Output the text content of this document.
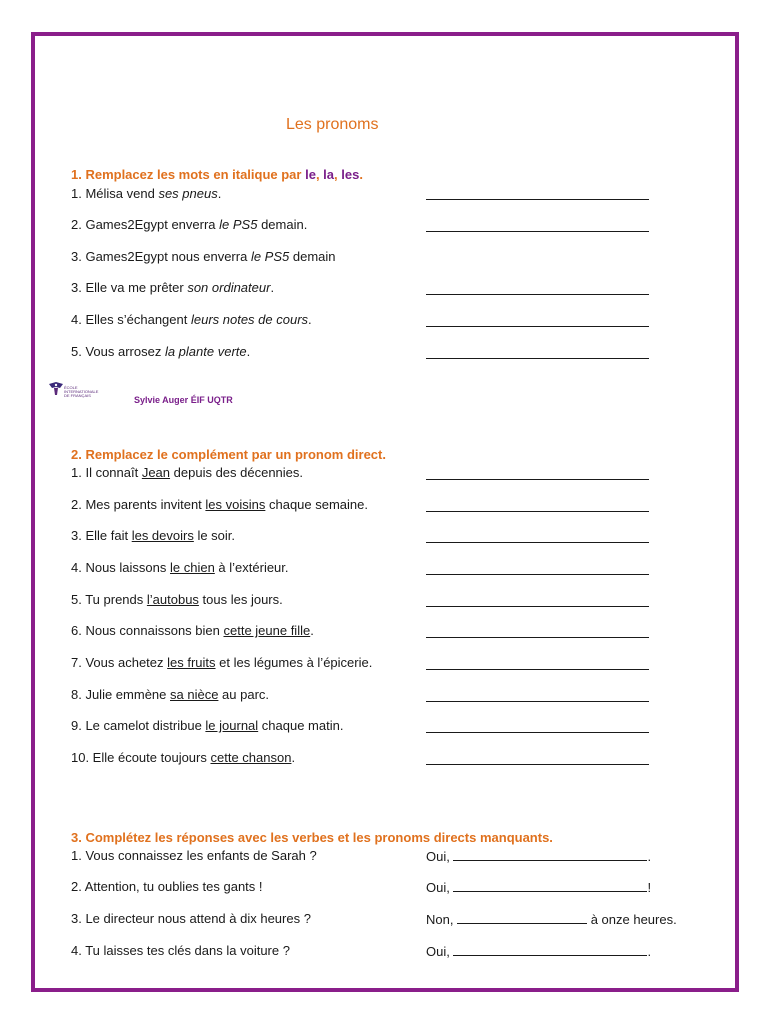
Les pronoms
1. Remplacez les mots en italique par le, la, les.
1. Mélisa vend ses pneus.
2. Games2Egypt enverra le PS5 demain.
3. Games2Egypt nous enverra le PS5 demain
3. Elle va me prêter son ordinateur.
4. Elles s’échangent leurs notes de cours.
5. Vous arrosez la plante verte.
ÉCOLE INTERNATIONALE DE FRANÇAIS	Sylvie Auger ÉIF UQTR
2. Remplacez le complément par un pronom direct.
1. Il connaît Jean depuis des décennies.
2. Mes parents invitent les voisins chaque semaine.
3. Elle fait les devoirs le soir.
4. Nous laissons le chien à l’extérieur.
5. Tu prends l’autobus tous les jours.
6. Nous connaissons bien cette jeune fille.
7. Vous achetez les fruits et les légumes à l’épicerie.
8. Julie emmène sa nièce au parc.
9. Le camelot distribue le journal chaque matin.
10. Elle écoute toujours cette chanson.
3. Complétez les réponses avec les verbes et les pronoms directs manquants.
1. Vous connaissez les enfants de Sarah ?	Oui,	.
2. Attention, tu oublies tes gants !	Oui,	!
3. Le directeur nous attend à dix heures ?	Non,	à onze heures.
4. Tu laisses tes clés dans la voiture ?	Oui,	.
